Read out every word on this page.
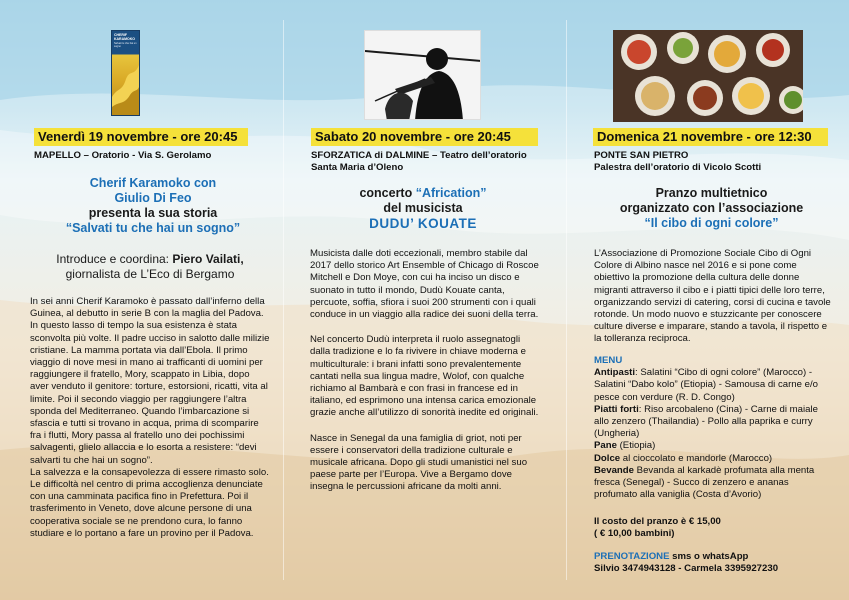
CHERIF KARAMOKO
Salvati tu che hai un sogno
Venerdì 19 novembre - ore 20:45
MAPELLO – Oratorio - Via S. Gerolamo
Cherif Karamoko con
Giulio Di Feo
presenta la sua storia
“Salvati tu che hai un sogno”
Introduce e coordina: Piero Vailati,
giornalista de L’Eco di Bergamo

In sei anni Cherif Karamoko è passato dall’inferno della Guinea, al debutto in serie B con la maglia del Padova. In questo lasso di tempo la sua esistenza è stata sconvolta più volte. Il padre ucciso in salotto dalle milizie cristiane. La mamma portata via dall’Ebola. Il primo viaggio di nove mesi in mano ai trafficanti di uomini per raggiungere il fratello, Mory, scappato in Libia, dopo aver venduto il genitore: torture, estorsioni, ricatti, vita al limite. Poi il secondo viaggio per raggiungere l’altra sponda del Mediterraneo. Quando l’imbarcazione si sfascia e tutti si trovano in acqua, prima di scomparire fra i flutti, Mory passa al fratello uno dei pochissimi salvagenti, glielo allaccia e lo esorta a resistere: “devi salvarti tu che hai un sogno”.

La salvezza e la consapevolezza di essere rimasto solo. Le difficoltà nel centro di prima accoglienza denunciate con una camminata pacifica fino in Prefettura. Poi il trasferimento in Veneto, dove alcune persone di una cooperativa sociale se ne prendono cura, lo fanno studiare e lo portano a fare un provino per il Padova.

Sabato 20 novembre - ore 20:45
SFORZATICA di DALMINE – Teatro dell’oratorio
Santa Maria d’Oleno
concerto “Africation”
del musicista
DUDU’ KOUATE

Musicista dalle doti eccezionali, membro stabile dal 2017 dello storico Art Ensemble of Chicago di Roscoe Mitchell e Don Moye, con cui ha inciso un disco e suonato in tutto il mondo, Dudù Kouate canta, percuote, soffia, sfiora i suoi 200 strumenti con i quali conduce in un viaggio alla radice dei suoni della terra.

Nel concerto Dudù interpreta il ruolo assegnatogli dalla tradizione e lo fa rivivere in chiave moderna e multiculturale: i brani infatti sono prevalentemente cantati nella sua lingua madre, Wolof, con qualche richiamo al Bambarà e con frasi in francese ed in italiano, ed esprimono una intensa carica emozionale grazie anche all’utilizzo di sonorità inedite ed originali.

Nasce in Senegal da una famiglia di griot, noti per essere i conservatori della tradizione culturale e musicale africana. Dopo gli studi umanistici nel suo paese parte per l’Europa. Vive a Bergamo dove insegna le percussioni africane da molti anni.

Domenica 21 novembre - ore 12:30
PONTE SAN PIETRO
Palestra dell’oratorio di Vicolo Scotti
Pranzo multietnico
organizzato con l’associazione
“Il cibo di ogni colore”

L’Associazione di Promozione Sociale Cibo di Ogni Colore di Albino nasce nel 2016 e si pone come obiettivo la promozione della cultura delle donne migranti attraverso il cibo e i piatti tipici delle loro terre, organizzando servizi di catering, corsi di cucina e tavole rotonde. Un modo nuovo e stuzzicante per conoscere culture diverse e imparare, stando a tavola, il rispetto e la tolleranza reciproca.

MENU
Antipasti: Salatini “Cibo di ogni colore” (Marocco) -
Salatini “Dabo kolo” (Etiopia) - Samousa di carne e/o pesce con verdure (R. D. Congo)
Piatti forti: Riso arcobaleno (Cina) - Carne di maiale allo zenzero (Thailandia) - Pollo alla paprika e curry (Ungheria)
Pane (Etiopia)
Dolce al cioccolato e mandorle (Marocco)
Bevande Bevanda al karkadè profumata alla menta fresca (Senegal) - Succo di zenzero e ananas profumato alla vaniglia (Costa d’Avorio)
Il costo del pranzo è € 15,00
( € 10,00 bambini)
PRENOTAZIONE sms o whatsApp
Silvio 3474943128 - Carmela 3395927230
